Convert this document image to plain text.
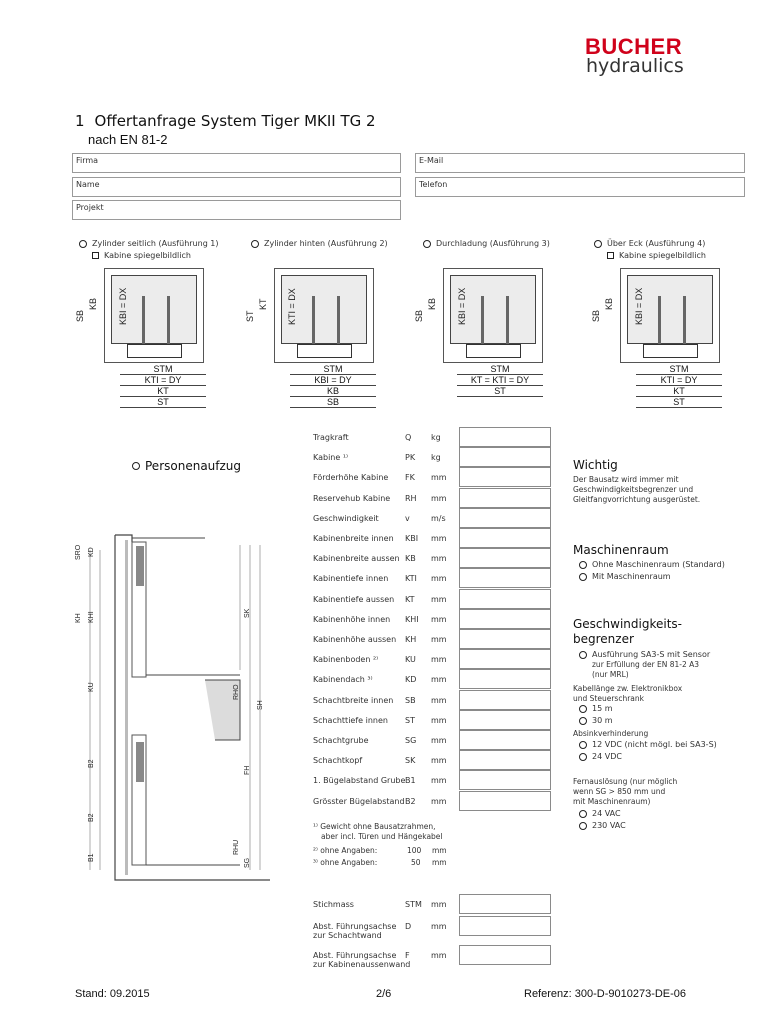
BUCHER
hydraulics
1 Offertanfrage System Tiger MKII TG 2
nach EN 81-2
Firma	E-Mail
Name	Telefon
Projekt
Zylinder seitlich (Ausführung 1)
Kabine spiegelbildlich
Zylinder hinten (Ausführung 2)	Durchladung (Ausführung 3)	Über Eck (Ausführung 4)
Kabine spiegelbildlich
SB
KB KBI = DX
STM
KTI = DY
KT
ST
ST
KT KTI = DX
STM
KBI = DY
KB
SB
SB
KB KBI = DX
STM
KT = KTI = DY
ST
SB
KB KBI = DX
STM
KTI = DY
KT
ST
Personenaufzug
SRO KD
KH KHI	SK
KU	RHO
SH
B2
FH
B2
B1
RHU
SG
Tragkraft	Q kg
Kabine ¹⁾	PK kg
Förderhöhe Kabine FK mm
Reservehub Kabine RH mm
Geschwindigkeit	v	m/s
Kabinenbreite innen KBI mm
Kabinenbreite aussen KB mm
Kabinentiefe innen KTI mm
Kabinentiefe aussen KT mm
Kabinenhöhe innen KHI mm
Kabinenhöhe aussen KH mm
Kabinenboden ²⁾	KU mm
Kabinendach ³⁾	KD mm
Schachtbreite innen SB mm
Schachttiefe innen ST mm
Schachtgrube	SG mm
Schachtkopf	SK mm
1. Bügelabstand Grube B1 mm
Grösster Bügelabstand B2 mm
¹⁾ Gewicht ohne Bausatzrahmen,
aber incl. Türen und Hängekabel
²⁾ ohne Angaben:	100 mm
³⁾ ohne Angaben:	50 mm
Stichmass	STM mm
Abst. Führungsachse
zur Schachtwand
D mm
Abst. Führungsachse
zur Kabinenaussenwand
F	mm
Wichtig
Der Bausatz wird immer mit
Geschwindigkeitsbegrenzer und
Gleitfangvorrichtung ausgerüstet.
Maschinenraum
Ohne Maschinenraum (Standard)
Mit Maschinenraum
Geschwindigkeits-
begrenzer
Ausführung SA3-S mit Sensor
zur Erfüllung der EN 81-2 A3
(nur MRL)
Kabellänge zw. Elektronikbox
und Steuerschrank
15 m
30 m
Absinkverhinderung
12 VDC (nicht mögl. bei SA3-S)
24 VDC
Fernauslösung (nur möglich
wenn SG > 850 mm und
mit Maschinenraum)
24 VAC
230 VAC
Stand: 09.2015	2/6	Referenz: 300-D-9010273-DE-06
